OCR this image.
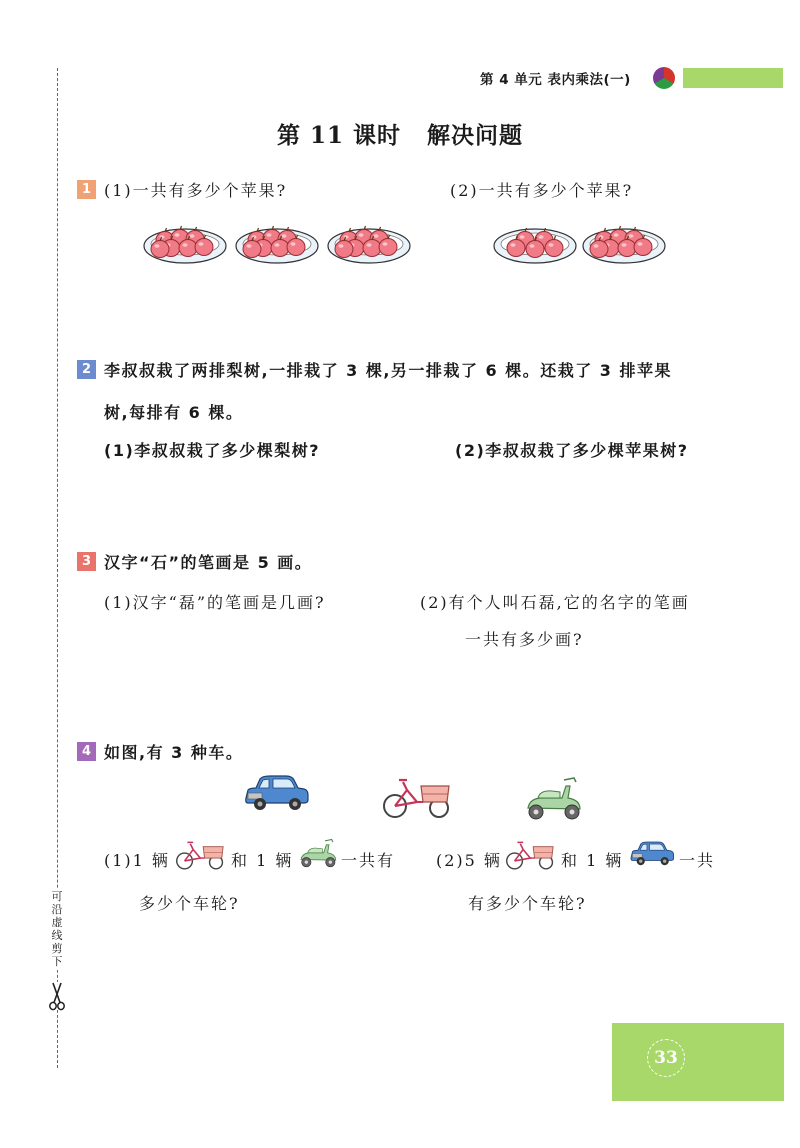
可
沿
虚
线
剪
下
第 4 单元 表内乘法(一)
第 11 课时 解决问题
1 (1)一共有多少个苹果?	(2)一共有多少个苹果?
2 李叔叔栽了两排梨树,一排栽了 3 棵,另一排栽了 6 棵。还栽了 3 排苹果
树,每排有 6 棵。
(1)李叔叔栽了多少棵梨树?	(2)李叔叔栽了多少棵苹果树?
3 汉字“石”的笔画是 5 画。
(1)汉字“磊”的笔画是几画?	(2)有个人叫石磊,它的名字的笔画
一共有多少画?
4 如图,有 3 种车。
(1)1 辆	和 1 辆	一共有
多少个车轮?
(2)5 辆	和 1 辆	一共
有多少个车轮?
33
